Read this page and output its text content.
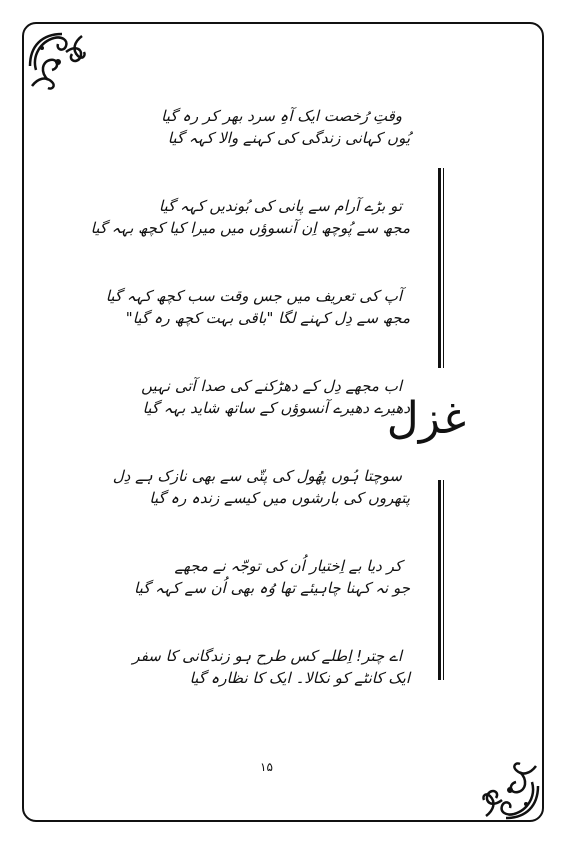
غزل
وقتِ رُخصت ایک آہِ سرد بھر کر رہ گیا
یُوں کہانی زندگی کی کہنے والا کہہ گیا
تو بڑے آرام سے پانی کی بُوندیں کہہ گیا
مجھ سے پُوچھ اِن آنسوؤں میں میرا کیا کچھ بہہ گیا
آپ کی تعریف میں جس وقت سب کچھ کہہ گیا
مجھ سے دِل کہنے لگا "باقی بہت کچھ رہ گیا"
اب مجھے دِل کے دھڑکنے کی صدا آتی نہیں
دھیرے دھیرے آنسوؤں کے ساتھ شاید بہہ گیا
سوچتا ہُوں پھُول کی پتّی سے بھی نازک ہے دِل
پتھروں کی بارشوں میں کیسے زندہ رہ گیا
کر دیا بے اِختیار اُن کی توجّہ نے مجھے
جو نہ کہنا چاہیئے تھا وُہ بھی اُن سے کہہ گیا
اے چتر! اِطلے کس طرح ہو زندگانی کا سفر
ایک کانٹے کو نکالا۔ ایک کا نظارہ گیا
۱۵
